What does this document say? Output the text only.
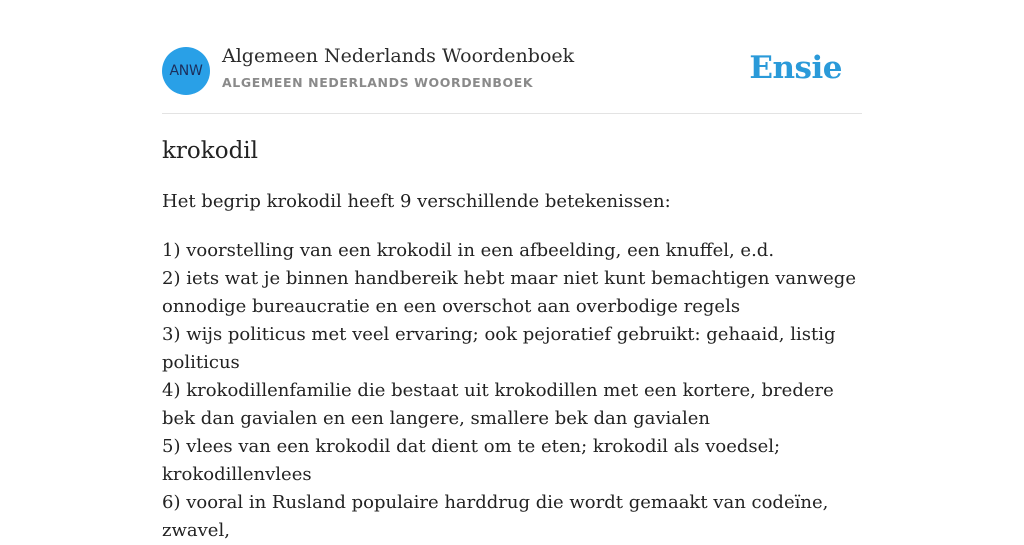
ANW
Algemeen Nederlands Woordenboek
ALGEMEEN NEDERLANDS WOORDENBOEK	Ensie
krokodil

Het begrip krokodil heeft 9 verschillende betekenissen:

1) voorstelling van een krokodil in een afbeelding, een knuffel, e.d.
2) iets wat je binnen handbereik hebt maar niet kunt bemachtigen vanwege onnodige bureaucratie en een overschot aan overbodige regels
3) wijs politicus met veel ervaring; ook pejoratief gebruikt: gehaaid, listig politicus
4) krokodillenfamilie die bestaat uit krokodillen met een kortere, bredere bek dan gavialen en een langere, smallere bek dan gavialen
5) vlees van een krokodil dat dient om te eten; krokodil als voedsel; krokodillenvlees
6) vooral in Rusland populaire harddrug die wordt gemaakt van codeïne, zwavel,
